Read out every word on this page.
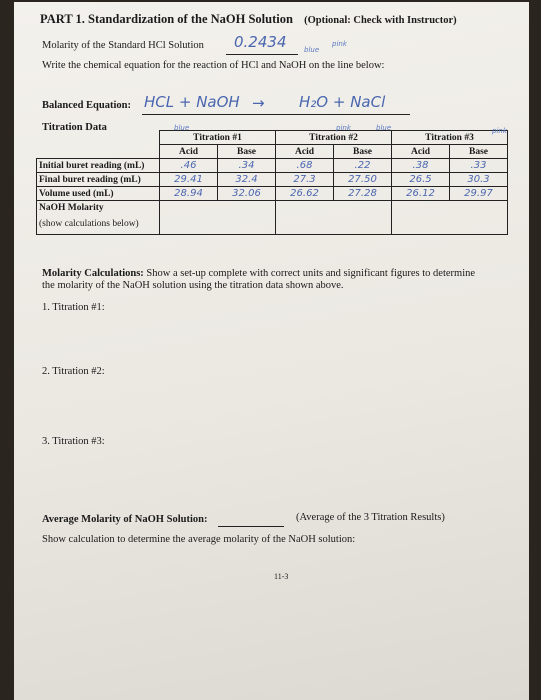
PART 1. Standardization of the NaOH Solution (Optional: Check with Instructor)
Molarity of the Standard HCl Solution 0.2434	blue
pink
Write the chemical equation for the reaction of HCl and NaOH on the line below:
Balanced Equation: HCL + NaOH → H₂O + NaCl
Titration Data
	Titration #1		Titration #2		Titration #3	
	Acid	Base	Acid	Base	Acid	Base
Initial buret reading (mL)	.46	.34	.68	.22	.38	.33
Final buret reading (mL)	29.41	32.4	27.3	27.50	26.5	30.3
Volume used (mL)	28.94	32.06	26.62	27.28	26.12	29.97
NaOH Molarity						
(show calculations below)						
blue	pink	blue	pink
Molarity Calculations: Show a set-up complete with correct units and significant figures to determine
the molarity of the NaOH solution using the titration data shown above.
1. Titration #1:
2. Titration #2:
3. Titration #3:
Average Molarity of NaOH Solution:	(Average of the 3 Titration Results)
Show calculation to determine the average molarity of the NaOH solution:
11-3
